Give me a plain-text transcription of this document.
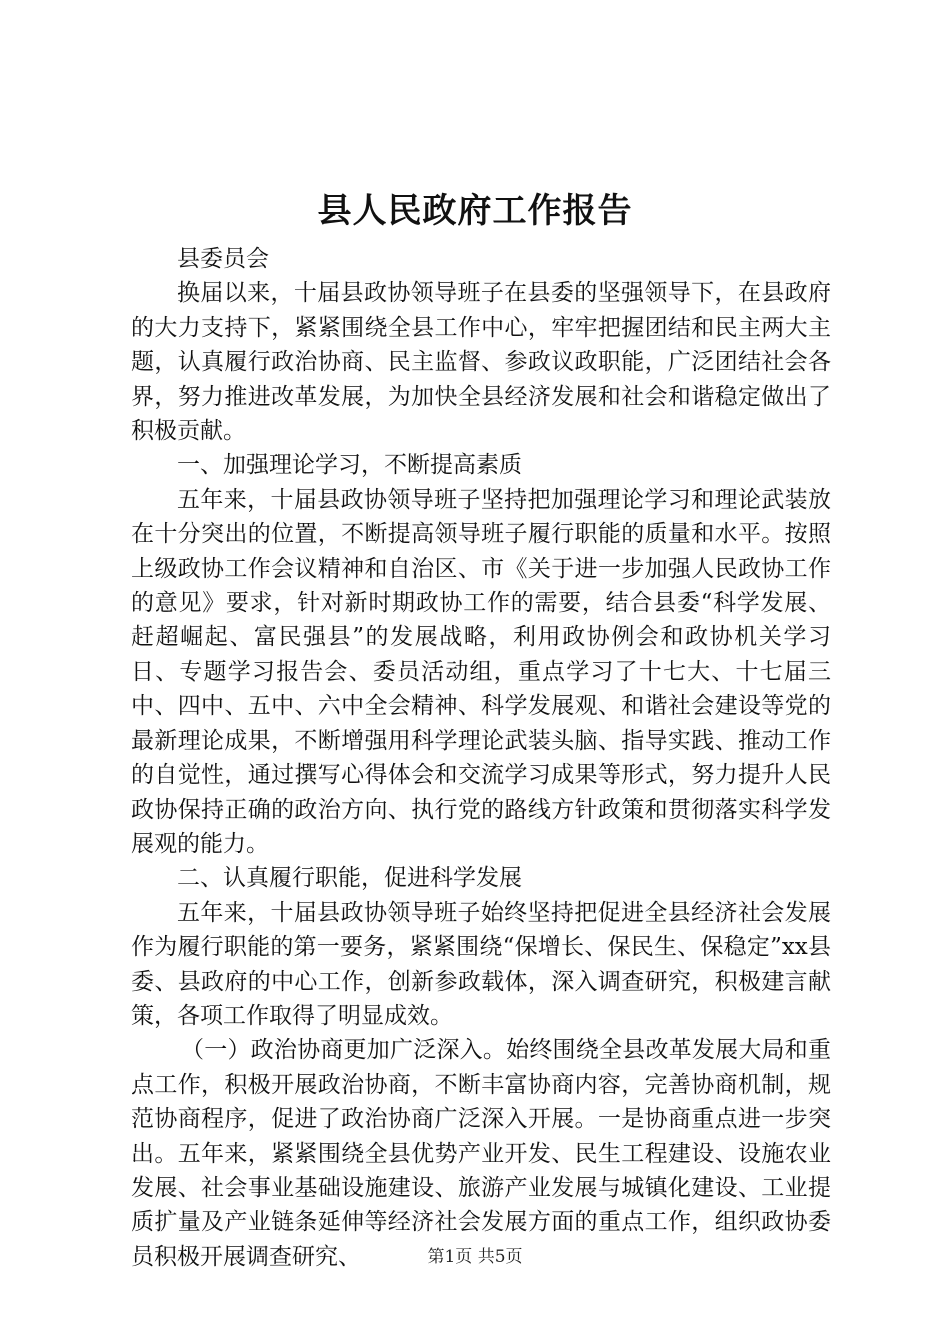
县人民政府工作报告

县委员会

换届以来，十届县政协领导班子在县委的坚强领导下，在县政府的大力支持下，紧紧围绕全县工作中心，牢牢把握团结和民主两大主题，认真履行政治协商、民主监督、参政议政职能，广泛团结社会各界，努力推进改革发展，为加快全县经济发展和社会和谐稳定做出了积极贡献。

一、加强理论学习，不断提高素质

五年来，十届县政协领导班子坚持把加强理论学习和理论武装放在十分突出的位置，不断提高领导班子履行职能的质量和水平。按照上级政协工作会议精神和自治区、市《关于进一步加强人民政协工作的意见》要求，针对新时期政协工作的需要，结合县委“科学发展、赶超崛起、富民强县”的发展战略，利用政协例会和政协机关学习日、专题学习报告会、委员活动组，重点学习了十七大、十七届三中、四中、五中、六中全会精神、科学发展观、和谐社会建设等党的最新理论成果，不断增强用科学理论武装头脑、指导实践、推动工作的自觉性，通过撰写心得体会和交流学习成果等形式，努力提升人民政协保持正确的政治方向、执行党的路线方针政策和贯彻落实科学发展观的能力。

二、认真履行职能，促进科学发展

五年来，十届县政协领导班子始终坚持把促进全县经济社会发展作为履行职能的第一要务，紧紧围绕“保增长、保民生、保稳定”xx县委、县政府的中心工作，创新参政载体，深入调查研究，积极建言献策，各项工作取得了明显成效。

（一）政治协商更加广泛深入。始终围绕全县改革发展大局和重点工作，积极开展政治协商，不断丰富协商内容，完善协商机制，规范协商程序，促进了政治协商广泛深入开展。一是协商重点进一步突出。五年来，紧紧围绕全县优势产业开发、民生工程建设、设施农业发展、社会事业基础设施建设、旅游产业发展与城镇化建设、工业提质扩量及产业链条延伸等经济社会发展方面的重点工作，组织政协委员积极开展调查研究、	第1页 共5页
